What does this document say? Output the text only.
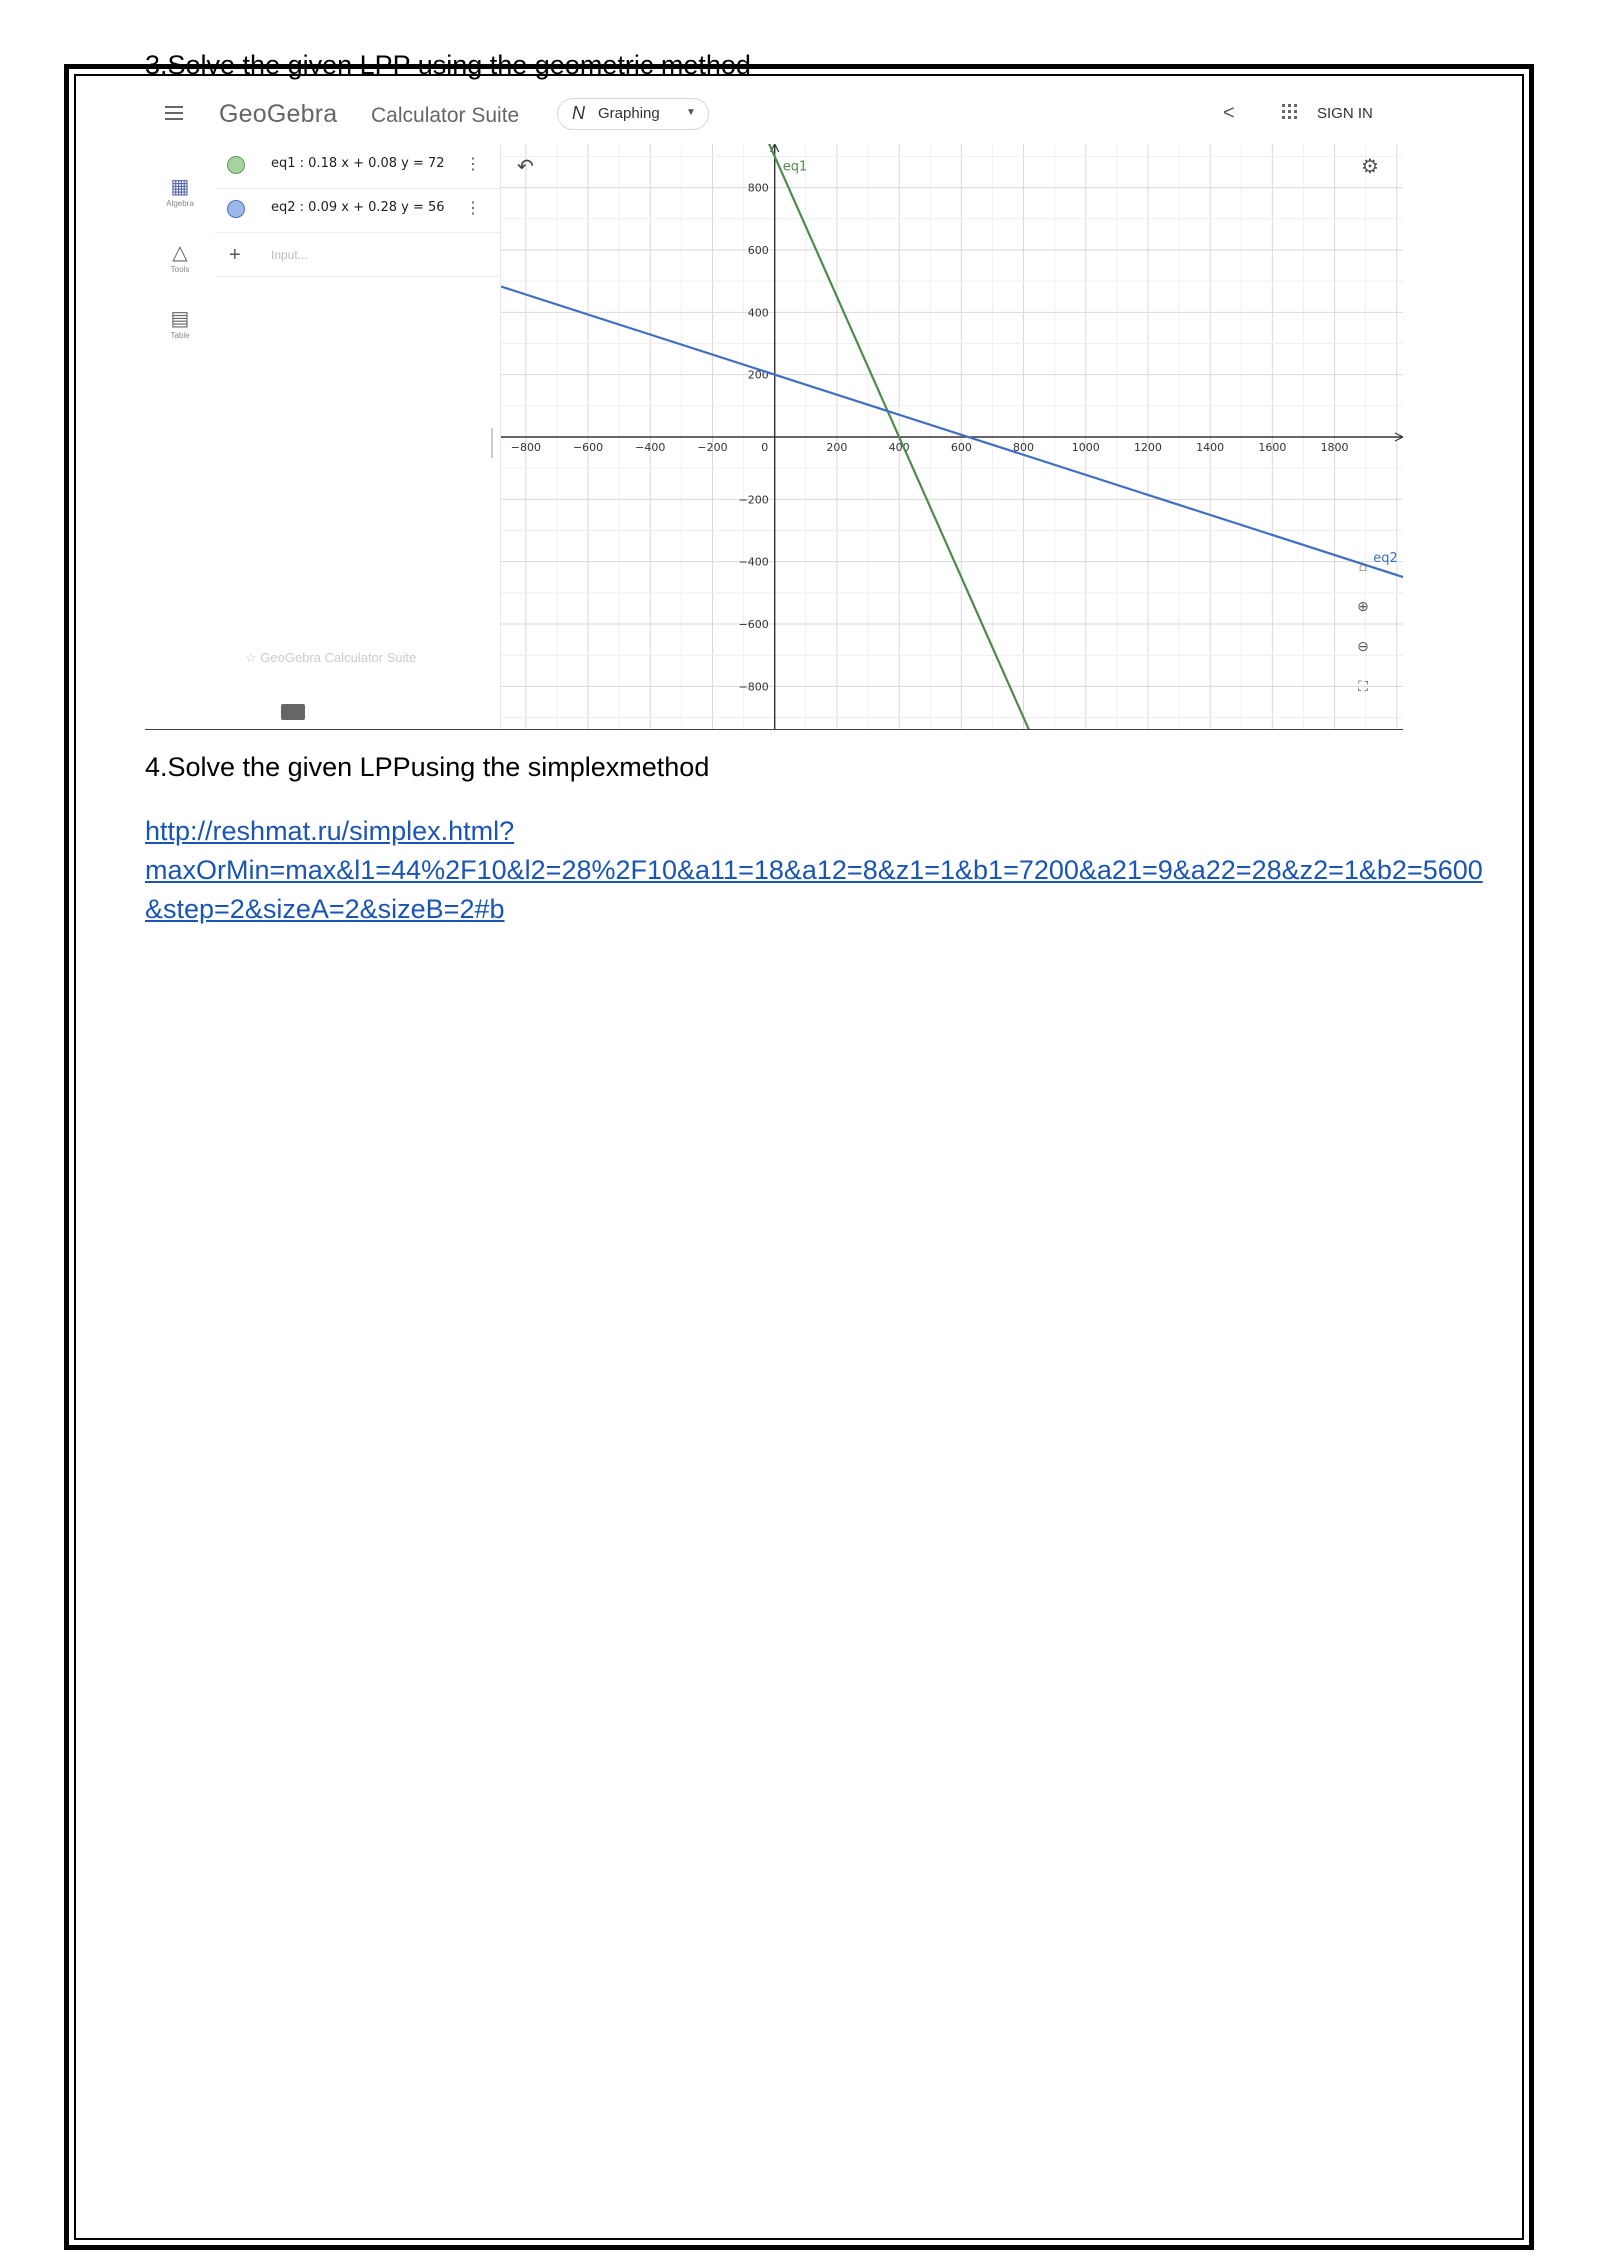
3.Solve the given LPP using the geometric method
GeoGebra Calculator Suite	N Graphing	▼	<	SIGN IN
▦
Algebra
△
Tools
▤
Table
eq1 : 0.18 x + 0.08 y = 72 ⋮
eq2 : 0.09 x + 0.28 y = 56 ⋮
+	Input...
☆ GeoGebra Calculator Suite
−800	−600	−400	−200	0	200	400	600	800	1000	1200	1400	1600	1800
−800
−600
−400
−200
200
400
600
800
eq1
eq2
↶	⚙
⌂
⊕
⊖
⛶
4.Solve the given LPPusing the simplexmethod
http://reshmat.ru/simplex.html?
maxOrMin=max&l1=44%2F10&l2=28%2F10&a11=18&a12=8&z1=1&b1=7200&a21=9&a22=28&z2=1&b2=5600
&step=2&sizeA=2&sizeB=2#b
